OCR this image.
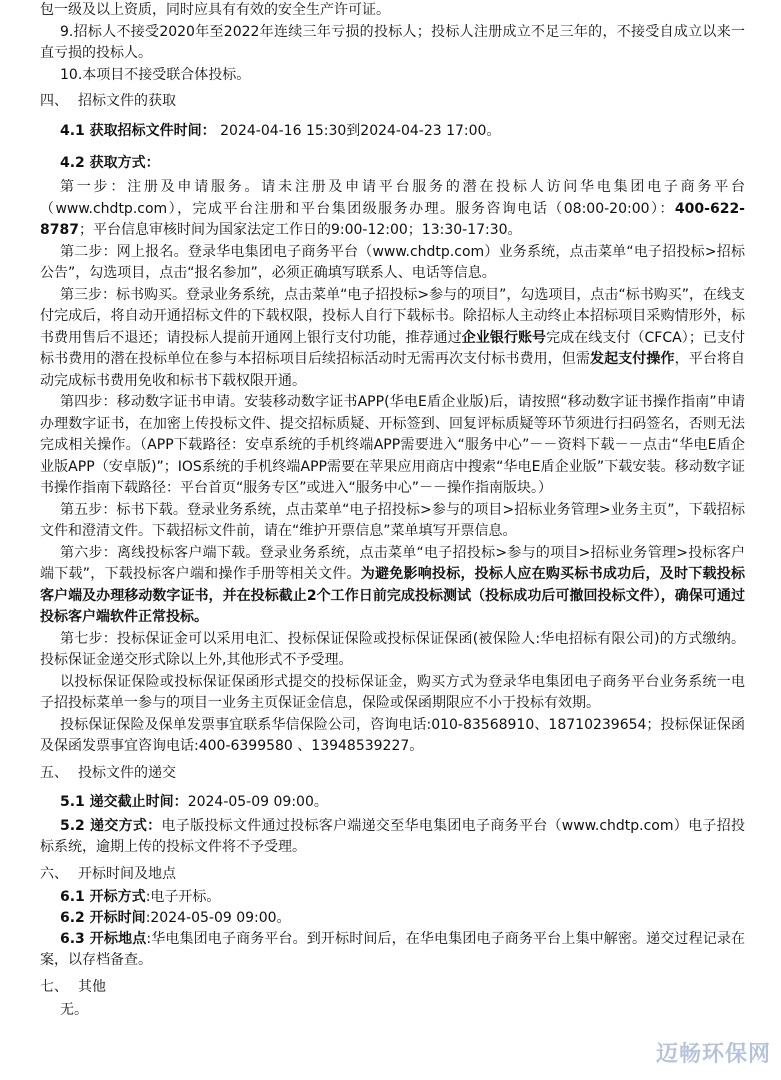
包一级及以上资质，同时应具有有效的安全生产许可证。

9.招标人不接受2020年至2022年连续三年亏损的投标人；投标人注册成立不足三年的，不接受自成立以来一直亏损的投标人。

10.本项目不接受联合体投标。

四、 招标文件的获取

4.1 获取招标文件时间： 2024-04-16 15:30到2024-04-23 17:00。

4.2 获取方式：

第一步：注册及申请服务。请未注册及申请平台服务的潜在投标人访问华电集团电子商务平台（www.chdtp.com），完成平台注册和平台集团级服务办理。服务咨询电话（08:00-20:00）：400-622-8787；平台信息审核时间为国家法定工作日的9:00-12:00；13:30-17:30。

第二步：网上报名。登录华电集团电子商务平台（www.chdtp.com）业务系统，点击菜单“电子招投标>招标公告”，勾选项目，点击“报名参加”，必须正确填写联系人、电话等信息。

第三步：标书购买。登录业务系统，点击菜单“电子招投标>参与的项目”，勾选项目，点击“标书购买”，在线支付完成后，将自动开通招标文件的下载权限，投标人自行下载标书。除招标人主动终止本招标项目采购情形外，标书费用售后不退还；请投标人提前开通网上银行支付功能，推荐通过企业银行账号完成在线支付（CFCA）；已支付标书费用的潜在投标单位在参与本招标项目后续招标活动时无需再次支付标书费用，但需发起支付操作，平台将自动完成标书费用免收和标书下载权限开通。

第四步：移动数字证书申请。安装移动数字证书APP(华电E盾企业版)后，请按照“移动数字证书操作指南”申请办理数字证书，在加密上传投标文件、提交招标质疑、开标签到、回复评标质疑等环节须进行扫码签名，否则无法完成相关操作。（APP下载路径：安卓系统的手机终端APP需要进入“服务中心”－－资料下载－－点击“华电E盾企业版APP（安卓版)”；IOS系统的手机终端APP需要在苹果应用商店中搜索“华电E盾企业版”下载安装。移动数字证书操作指南下载路径：平台首页“服务专区”或进入“服务中心”－－操作指南版块。）

第五步：标书下载。登录业务系统，点击菜单“电子招投标>参与的项目>招标业务管理>业务主页”，下载招标文件和澄清文件。下载招标文件前，请在“维护开票信息”菜单填写开票信息。

第六步：离线投标客户端下载。登录业务系统，点击菜单“电子招投标>参与的项目>招标业务管理>投标客户端下载”，下载投标客户端和操作手册等相关文件。为避免影响投标，投标人应在购买标书成功后，及时下载投标客户端及办理移动数字证书，并在投标截止2个工作日前完成投标测试（投标成功后可撤回投标文件），确保可通过投标客户端软件正常投标。

第七步：投标保证金可以采用电汇、投标保证保险或投标保证保函(被保险人:华电招标有限公司)的方式缴纳。投标保证金递交形式除以上外,其他形式不予受理。

以投标保证保险或投标保证保函形式提交的投标保证金，购买方式为登录华电集团电子商务平台业务系统一电子招投标菜单一参与的项目一业务主页保证金信息，保险或保函期限应不小于投标有效期。

投标保证保险及保单发票事宜联系华信保险公司，咨询电话:010-83568910、18710239654；投标保证保函及保函发票事宜咨询电话:400-6399580 、13948539227。

五、 投标文件的递交

5.1 递交截止时间：2024-05-09 09:00。

5.2 递交方式：电子版投标文件通过投标客户端递交至华电集团电子商务平台（www.chdtp.com）电子招投标系统，逾期上传的投标文件将不予受理。

六、 开标时间及地点

6.1 开标方式:电子开标。

6.2 开标时间:2024-05-09 09:00。

6.3 开标地点:华电集团电子商务平台。到开标时间后，在华电集团电子商务平台上集中解密。递交过程记录在案，以存档备查。

七、 其他

无。

迈畅环保网
